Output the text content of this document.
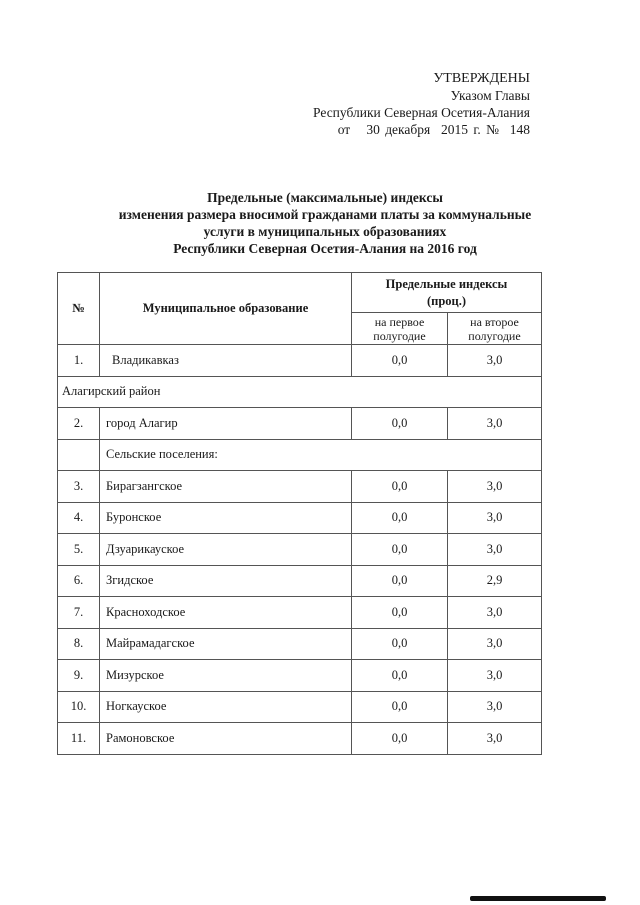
УТВЕРЖДЕНЫ
Указом Главы
Республики Северная Осетия-Алания
от   30 декабря  2015 г. №  148
Предельные (максимальные) индексы
изменения размера вносимой гражданами платы за коммунальные
услуги в муниципальных образованиях
Республики Северная Осетия-Алания на 2016 год
№	Муниципальное образование	Предельные индексы (проц.)	
		на первое полугодие	на второе полугодие
1.	Владикавказ	0,0	3,0
Алагирский район			
2.	город Алагир	0,0	3,0
	Сельские поселения:		
3.	Бирагзангское	0,0	3,0
4.	Буронское	0,0	3,0
5.	Дзуарикауское	0,0	3,0
6.	Згидское	0,0	2,9
7.	Красноходское	0,0	3,0
8.	Майрамадагское	0,0	3,0
9.	Мизурское	0,0	3,0
10.	Ногкауское	0,0	3,0
11.	Рамоновское	0,0	3,0
